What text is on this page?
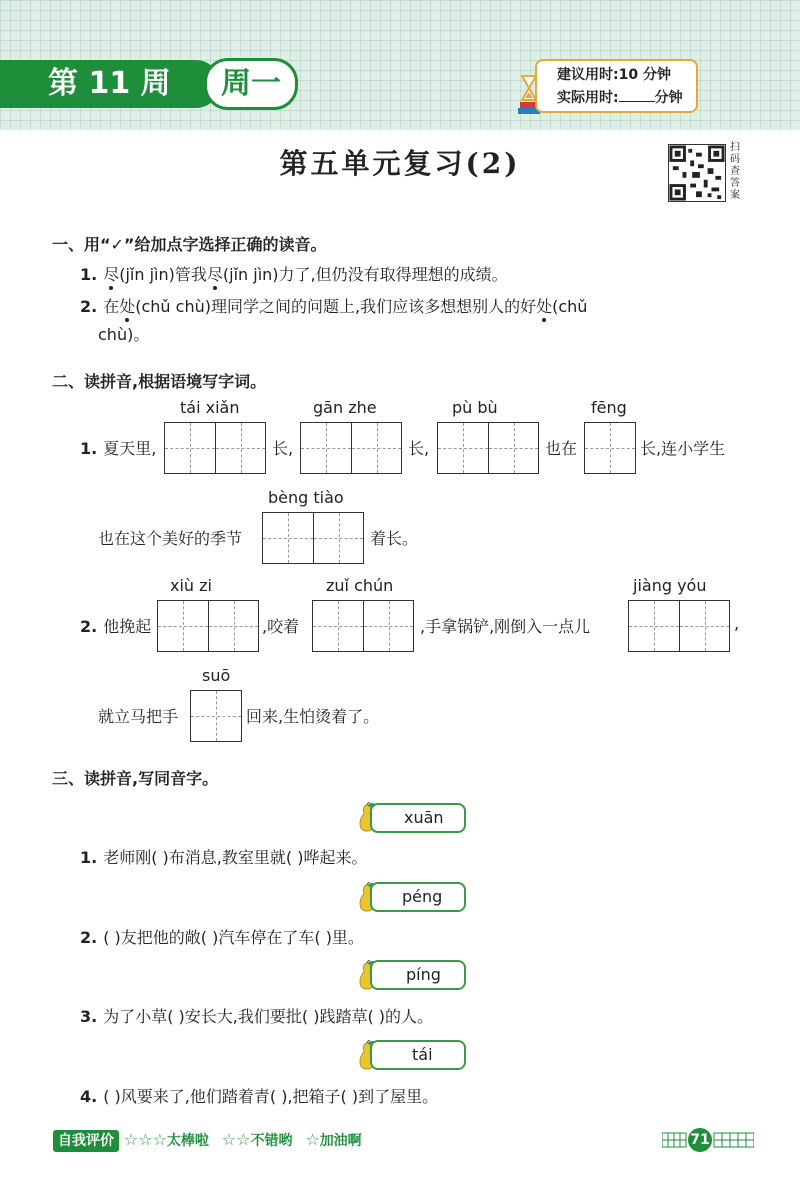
第 11 周	周一	建议用时:10 分钟
实际用时:	分钟
第五单元复习(2)	扫码查答案
一、用“✓”给加点字选择正确的读音。
1. 尽(jǐn jìn)管我尽(jǐn jìn)力了,但仍没有取得理想的成绩。
2. 在处(chǔ chù)理同学之间的问题上,我们应该多想想别人的好处(chǔ
chù)。
二、读拼音,根据语境写字词。
tái xiǎn	gān zhe	pù bù	fēng
1. 夏天里,	长,	长,	也在	长,连小学生
bèng tiào
也在这个美好的季节	着长。
xiù zi	zuǐ chún	jiàng yóu
2. 他挽起	,咬着	,手拿锅铲,刚倒入一点儿	,
suō
就立马把手	回来,生怕烫着了。
三、读拼音,写同音字。
xuān
1. 老师刚( )布消息,教室里就( )哗起来。
péng
2. ( )友把他的敞( )汽车停在了车( )里。
píng
3. 为了小草( )安长大,我们要批( )践踏草( )的人。
tái
4. ( )风要来了,他们踏着青( ),把箱子( )到了屋里。
自我评价 ☆☆☆太棒啦 ☆☆不错哟 ☆加油啊	71
